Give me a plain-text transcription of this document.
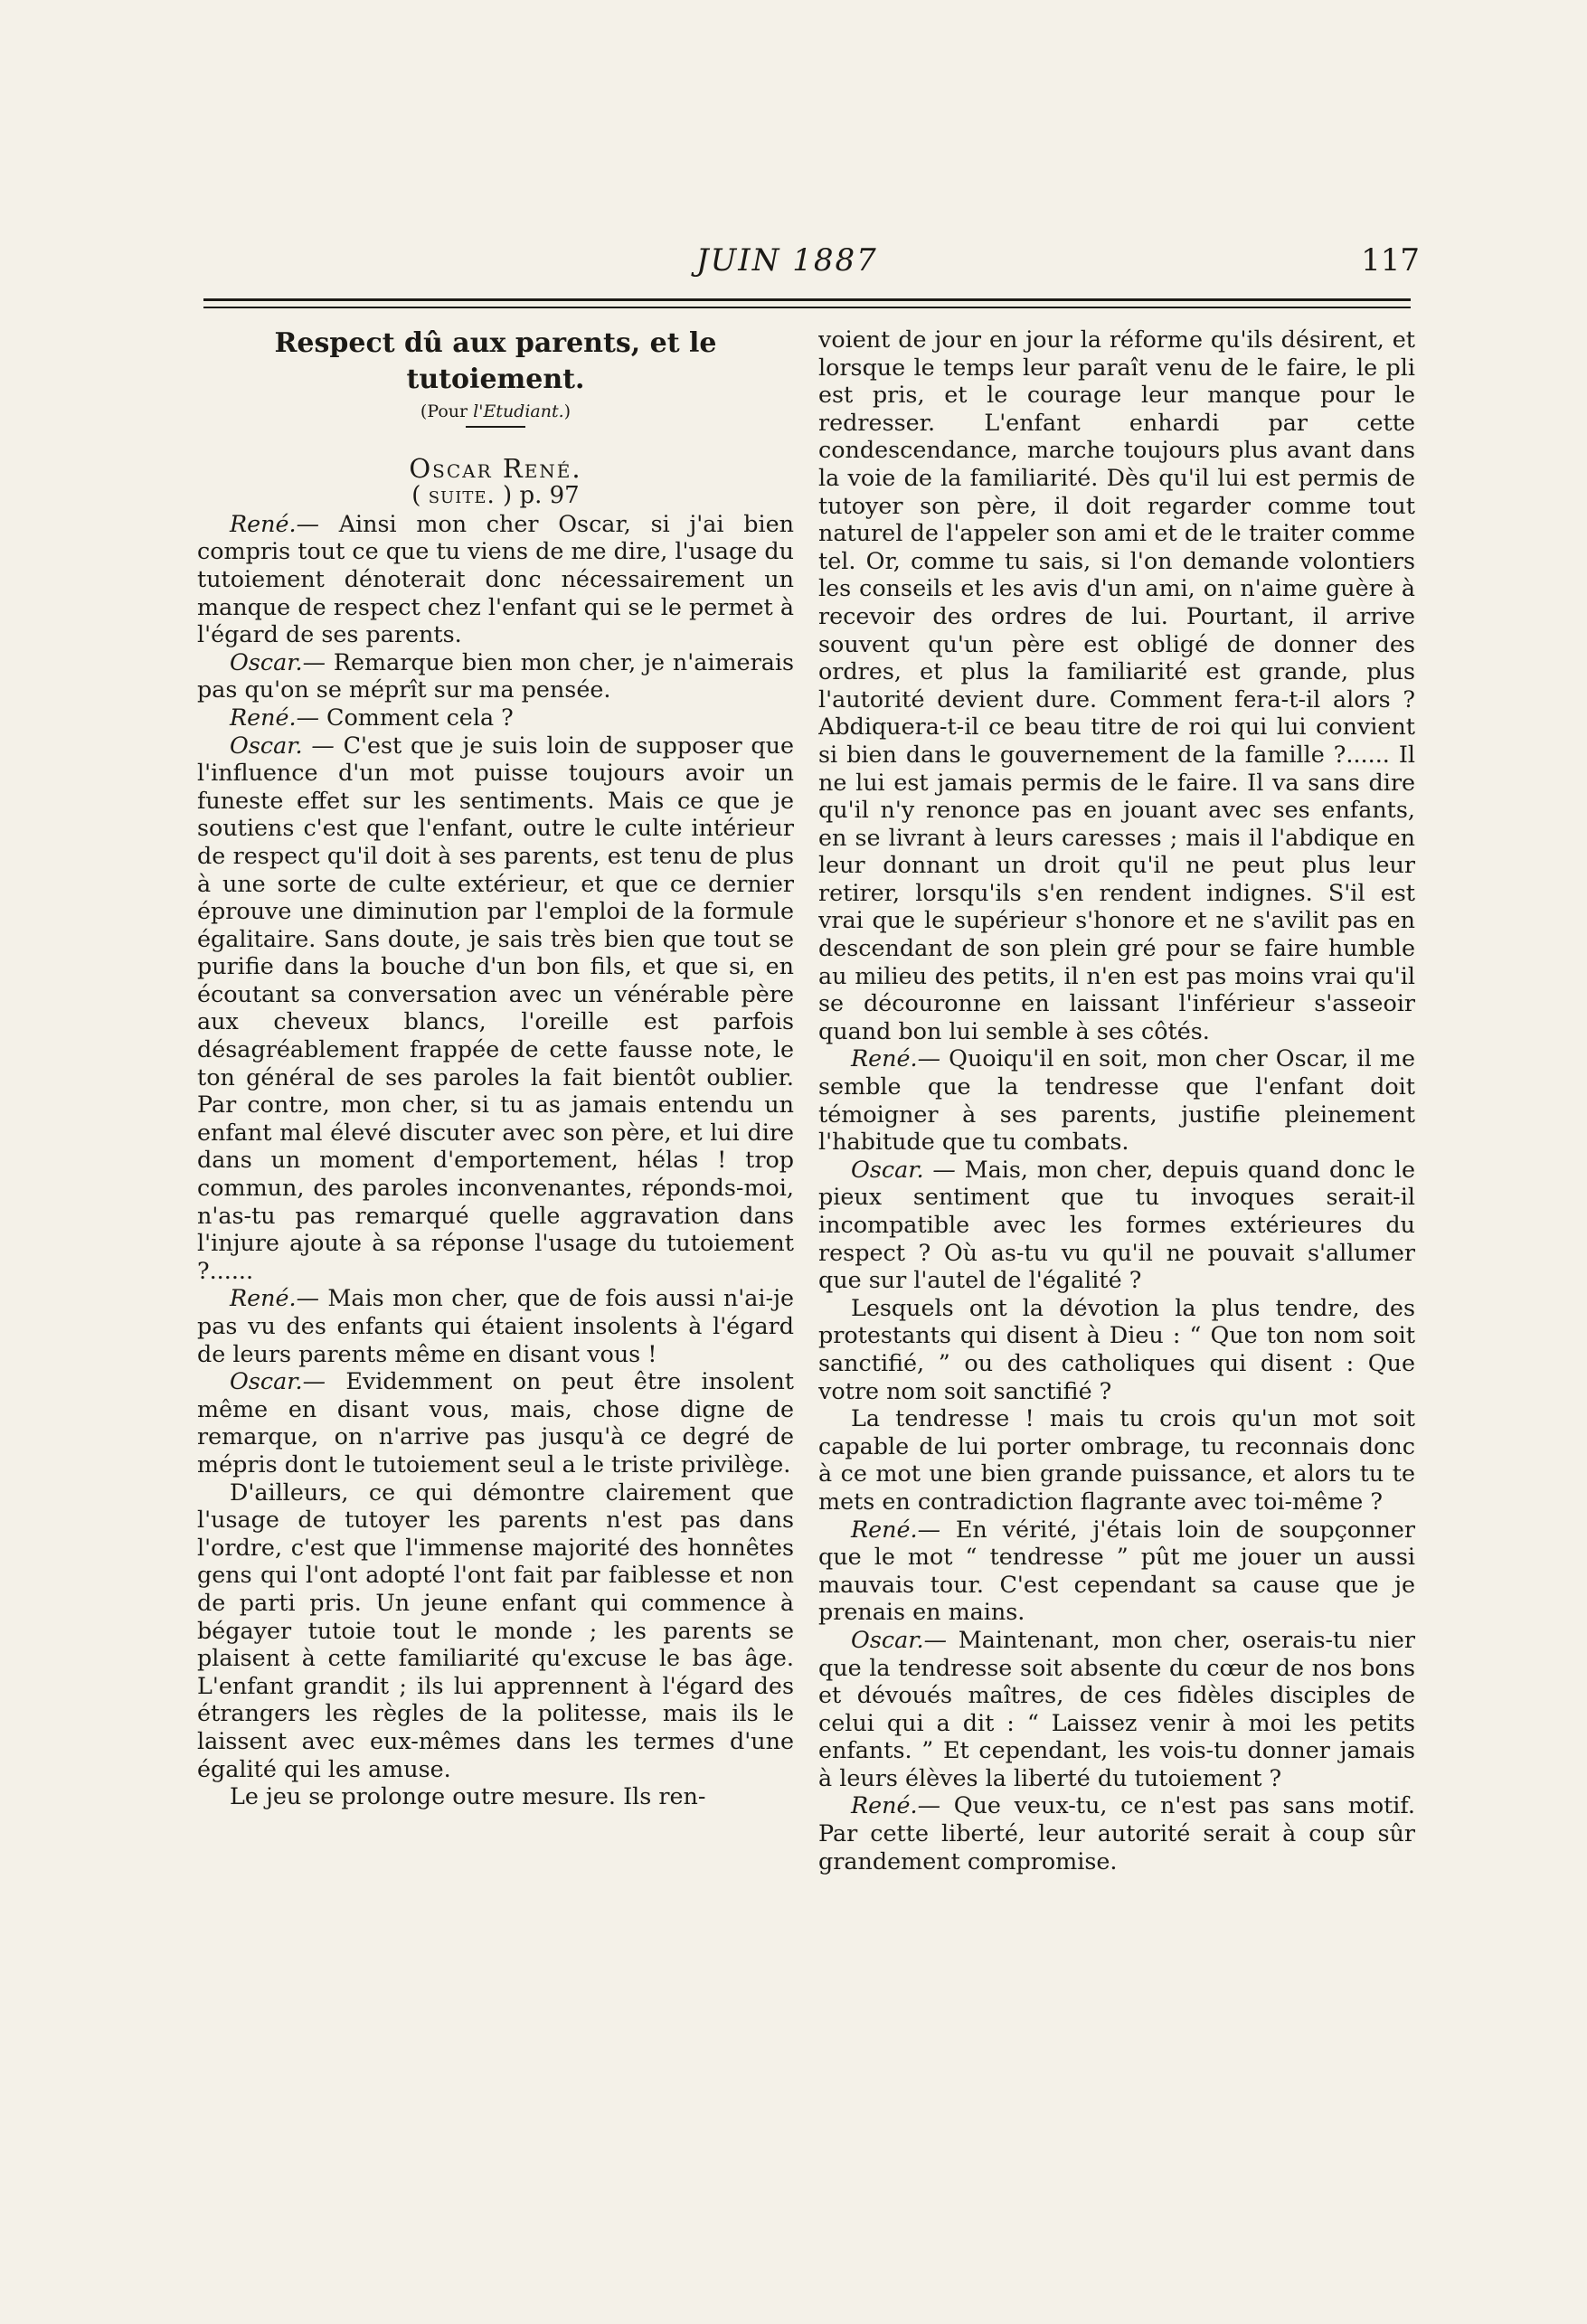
JUIN 1887	117

Respect dû aux parents, et le tutoiement.

(Pour l'Etudiant.)

Oscar René.

( suite. ) p. 97

René.— Ainsi mon cher Oscar, si j'ai bien compris tout ce que tu viens de me dire, l'usage du tutoiement dénoterait donc nécessairement un manque de respect chez l'enfant qui se le permet à l'égard de ses parents.

Oscar.— Remarque bien mon cher, je n'aimerais pas qu'on se méprît sur ma pensée.

René.— Comment cela ?

Oscar. — C'est que je suis loin de supposer que l'influence d'un mot puisse toujours avoir un funeste effet sur les sentiments. Mais ce que je soutiens c'est que l'enfant, outre le culte intérieur de respect qu'il doit à ses parents, est tenu de plus à une sorte de culte extérieur, et que ce dernier éprouve une diminution par l'emploi de la formule égalitaire. Sans doute, je sais très bien que tout se purifie dans la bouche d'un bon fils, et que si, en écoutant sa conversation avec un vénérable père aux cheveux blancs, l'oreille est parfois désagréablement frappée de cette fausse note, le ton général de ses paroles la fait bientôt oublier. Par contre, mon cher, si tu as jamais entendu un enfant mal élevé discuter avec son père, et lui dire dans un moment d'emportement, hélas ! trop commun, des paroles inconvenantes, réponds-moi, n'as-tu pas remarqué quelle aggravation dans l'injure ajoute à sa réponse l'usage du tutoiement ?......

René.— Mais mon cher, que de fois aussi n'ai-je pas vu des enfants qui étaient insolents à l'égard de leurs parents même en disant vous !

Oscar.— Evidemment on peut être insolent même en disant vous, mais, chose digne de remarque, on n'arrive pas jusqu'à ce degré de mépris dont le tutoiement seul a le triste privilège.

D'ailleurs, ce qui démontre clairement que l'usage de tutoyer les parents n'est pas dans l'ordre, c'est que l'immense majorité des honnêtes gens qui l'ont adopté l'ont fait par faiblesse et non de parti pris. Un jeune enfant qui commence à bégayer tutoie tout le monde ; les parents se plaisent à cette familiarité qu'excuse le bas âge. L'enfant grandit ; ils lui apprennent à l'égard des étrangers les règles de la politesse, mais ils le laissent avec eux-mêmes dans les termes d'une égalité qui les amuse.

Le jeu se prolonge outre mesure. Ils ren-

voient de jour en jour la réforme qu'ils désirent, et lorsque le temps leur paraît venu de le faire, le pli est pris, et le courage leur manque pour le redresser. L'enfant enhardi par cette condescendance, marche toujours plus avant dans la voie de la familiarité. Dès qu'il lui est permis de tutoyer son père, il doit regarder comme tout naturel de l'appeler son ami et de le traiter comme tel. Or, comme tu sais, si l'on demande volontiers les conseils et les avis d'un ami, on n'aime guère à recevoir des ordres de lui. Pourtant, il arrive souvent qu'un père est obligé de donner des ordres, et plus la familiarité est grande, plus l'autorité devient dure. Comment fera-t-il alors ? Abdiquera-t-il ce beau titre de roi qui lui convient si bien dans le gouvernement de la famille ?...... Il ne lui est jamais permis de le faire. Il va sans dire qu'il n'y renonce pas en jouant avec ses enfants, en se livrant à leurs caresses ; mais il l'abdique en leur donnant un droit qu'il ne peut plus leur retirer, lorsqu'ils s'en rendent indignes. S'il est vrai que le supérieur s'honore et ne s'avilit pas en descendant de son plein gré pour se faire humble au milieu des petits, il n'en est pas moins vrai qu'il se découronne en laissant l'inférieur s'asseoir quand bon lui semble à ses côtés.

René.— Quoiqu'il en soit, mon cher Oscar, il me semble que la tendresse que l'enfant doit témoigner à ses parents, justifie pleinement l'habitude que tu combats.

Oscar. — Mais, mon cher, depuis quand donc le pieux sentiment que tu invoques serait-il incompatible avec les formes extérieures du respect ? Où as-tu vu qu'il ne pouvait s'allumer que sur l'autel de l'égalité ?

Lesquels ont la dévotion la plus tendre, des protestants qui disent à Dieu : “ Que ton nom soit sanctifié, ” ou des catholiques qui disent : Que votre nom soit sanctifié ?

La tendresse ! mais tu crois qu'un mot soit capable de lui porter ombrage, tu reconnais donc à ce mot une bien grande puissance, et alors tu te mets en contradiction flagrante avec toi-même ?

René.— En vérité, j'étais loin de soupçonner que le mot “ tendresse ” pût me jouer un aussi mauvais tour. C'est cependant sa cause que je prenais en mains.

Oscar.— Maintenant, mon cher, oserais-tu nier que la tendresse soit absente du cœur de nos bons et dévoués maîtres, de ces fidèles disciples de celui qui a dit : “ Laissez venir à moi les petits enfants. ” Et cependant, les vois-tu donner jamais à leurs élèves la liberté du tutoiement ?

René.— Que veux-tu, ce n'est pas sans motif. Par cette liberté, leur autorité serait à coup sûr grandement compromise.
